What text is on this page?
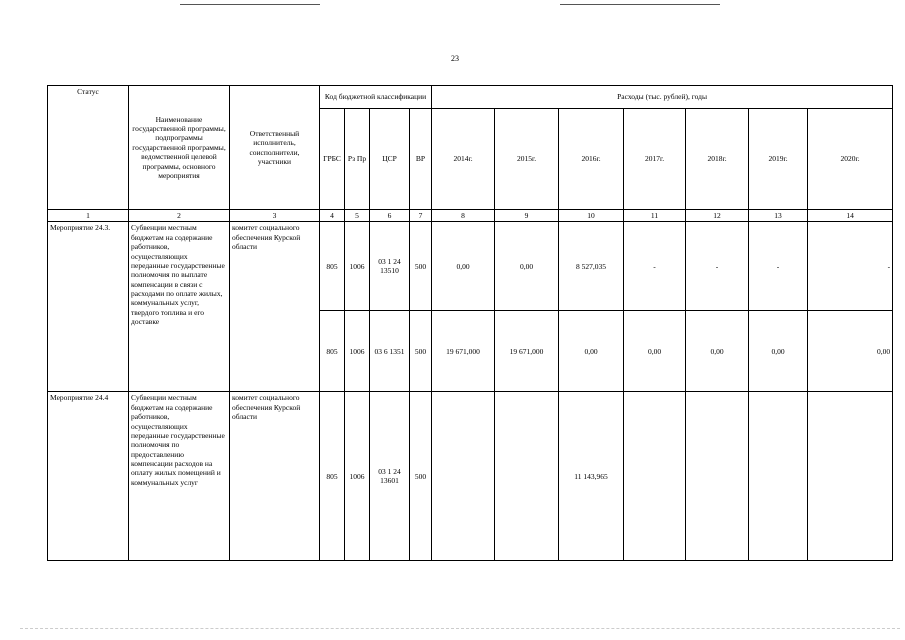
23
Статус	Наименование государственной программы, подпрограммы государственной программы, ведомственной целевой программы, основного мероприятия	Ответственный исполнитель, соисполнители, участники	Код бюджетной классификации				Расходы (тыс. рублей), годы						
			ГРБС	Рз Пр	ЦСР	ВР	2014г.	2015г.	2016г.	2017г.	2018г.	2019г.	2020г.
1	2	3	4	5	6	7	8	9	10	11	12	13	14
Мероприятие 24.3.	Субвенции местным бюджетам на содержание работников, осуществляющих переданные государственные полномочия по выплате компенсации в связи с расходами по оплате жилых, коммунальных услуг, твердого топлива и его доставке	комитет социального обеспечения Курской области	805	1006	03 1 24 13510	500	0,00	0,00	8 527,035	-	-	-	-
			805	1006	03 6 1351	500	19 671,000	19 671,000	0,00	0,00	0,00	0,00	0,00
Мероприятие 24.4	Субвенции местным бюджетам на содержание работников, осуществляющих переданные государственные полномочия по предоставлению компенсации расходов на оплату жилых помещений и коммунальных услуг	комитет социального обеспечения Курской области	805	1006	03 1 24 13601	500			11 143,965				
